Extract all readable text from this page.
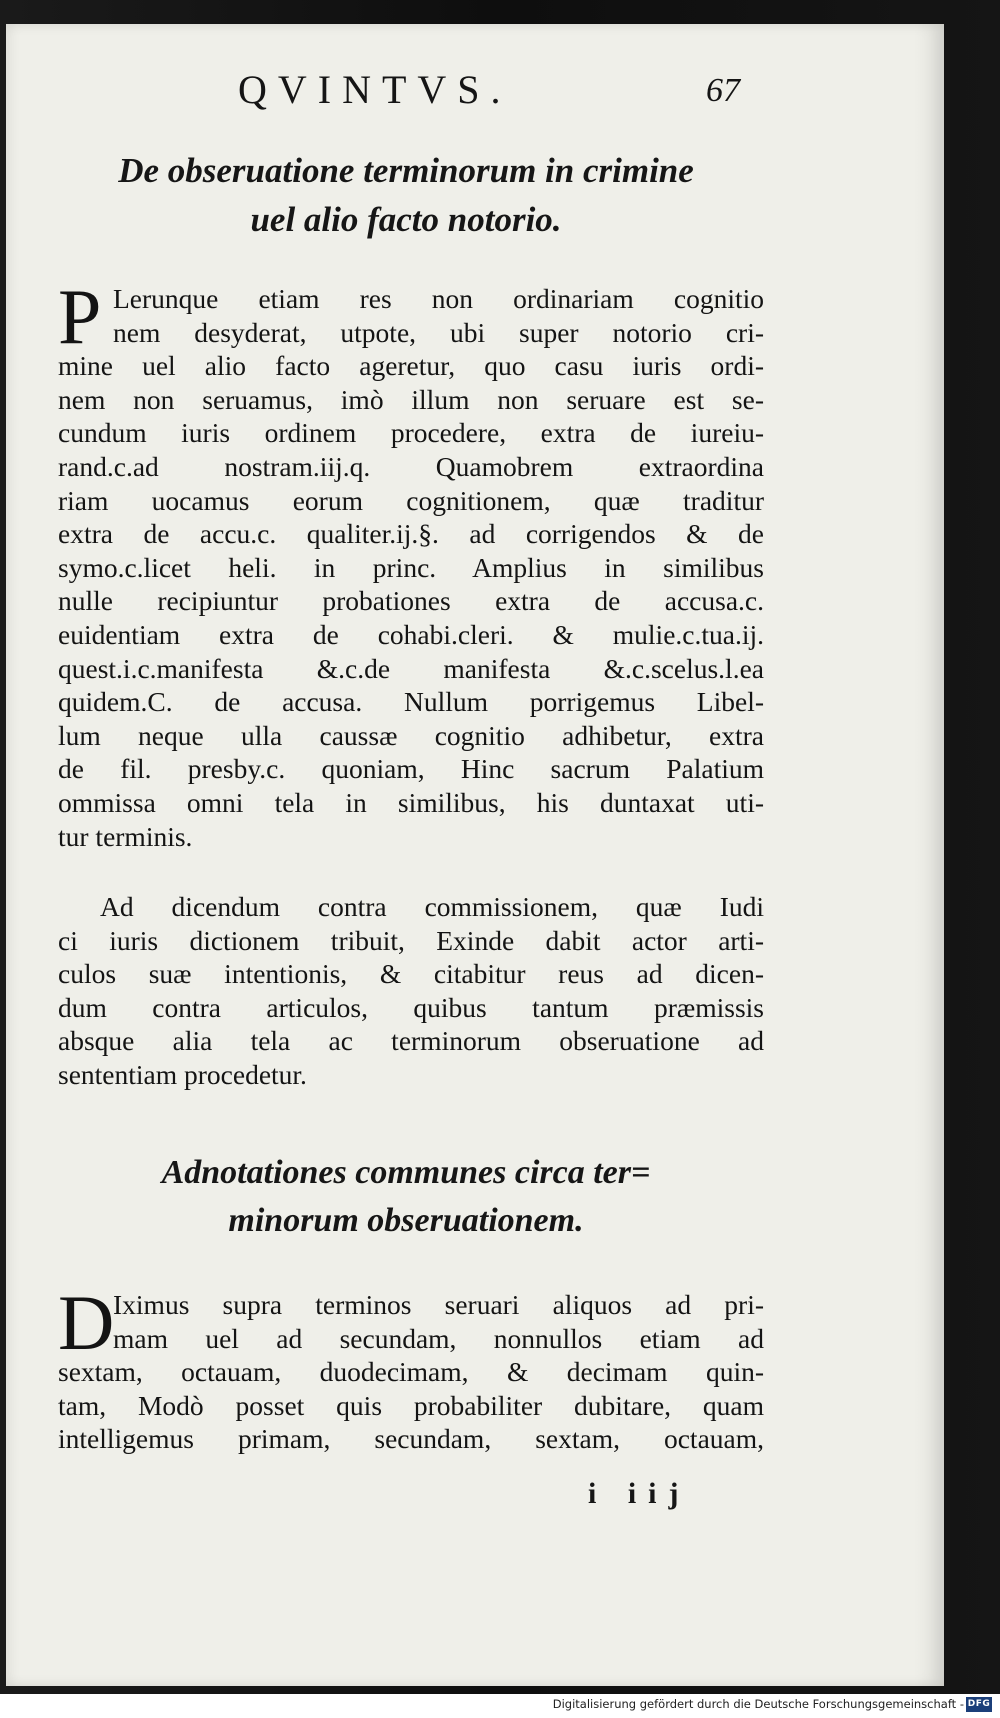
QVINTVS.	67
De obseruatione terminorum in crimine
uel alio facto notorio.
P Lerunque etiam res non ordinariam cognitio
nem desyderat, utpote, ubi super notorio cri-
mine uel alio facto ageretur, quo casu iuris ordi-
nem non seruamus, imò illum non seruare est se-
cundum iuris ordinem procedere, extra de iureiu-
rand.c.ad nostram.iij.q. Quamobrem extraordina
riam uocamus eorum cognitionem, quæ traditur
extra de accu.c. qualiter.ij.§. ad corrigendos & de
symo.c.licet heli. in princ. Amplius in similibus
nulle recipiuntur probationes extra de accusa.c.
euidentiam extra de cohabi.cleri. & mulie.c.tua.ij.
quest.i.c.manifesta &.c.de manifesta &.c.scelus.l.ea
quidem.C. de accusa. Nullum porrigemus Libel-
lum neque ulla caussæ cognitio adhibetur, extra
de fil. presby.c. quoniam, Hinc sacrum Palatium
ommissa omni tela in similibus, his duntaxat uti-
tur terminis.
Ad dicendum contra commissionem, quæ Iudi
ci iuris dictionem tribuit, Exinde dabit actor arti-
culos suæ intentionis, & citabitur reus ad dicen-
dum contra articulos, quibus tantum præmissis
absque alia tela ac terminorum obseruatione ad
sententiam procedetur.
Adnotationes communes circa ter=
minorum obseruationem.
D
Iximus supra terminos seruari aliquos ad pri-
mam uel ad secundam, nonnullos etiam ad
sextam, octauam, duodecimam, & decimam quin-
tam, Modò posset quis probabiliter dubitare, quam
intelligemus primam, secundam, sextam, octauam,
i iij
Digitalisierung gefördert durch die Deutsche Forschungsgemeinschaft - DFG
